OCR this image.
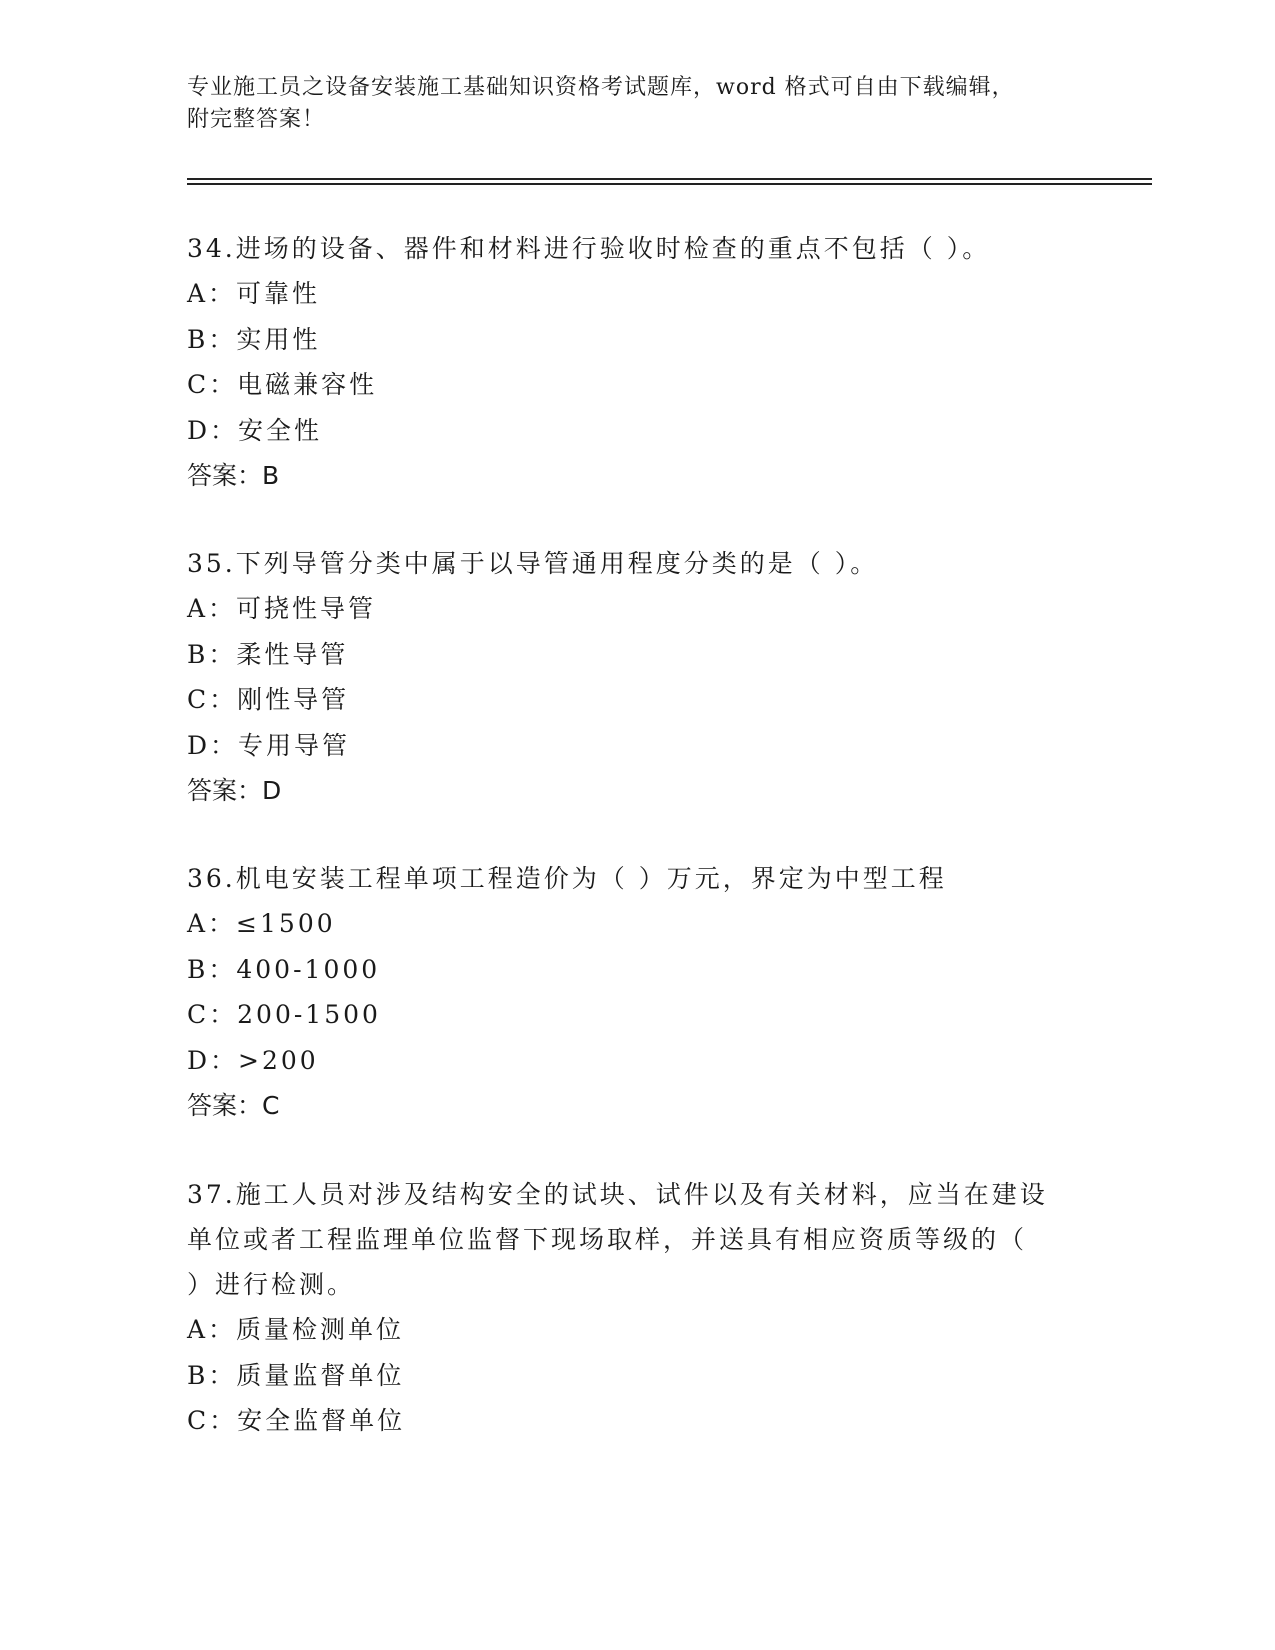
专业施工员之设备安装施工基础知识资格考试题库，word 格式可自由下载编辑，
附完整答案！

34.进场的设备、器件和材料进行验收时检查的重点不包括（ ）。

A：可靠性

B：实用性

C：电磁兼容性

D：安全性

答案：B

35.下列导管分类中属于以导管通用程度分类的是（ ）。

A：可挠性导管

B：柔性导管

C：刚性导管

D：专用导管

答案：D

36.机电安装工程单项工程造价为（ ）万元，界定为中型工程

A：≤1500

B：400-1000

C：200-1500

D：>200

答案：C

37.施工人员对涉及结构安全的试块、试件以及有关材料，应当在建设

单位或者工程监理单位监督下现场取样，并送具有相应资质等级的（

）进行检测。

A：质量检测单位

B：质量监督单位

C：安全监督单位
